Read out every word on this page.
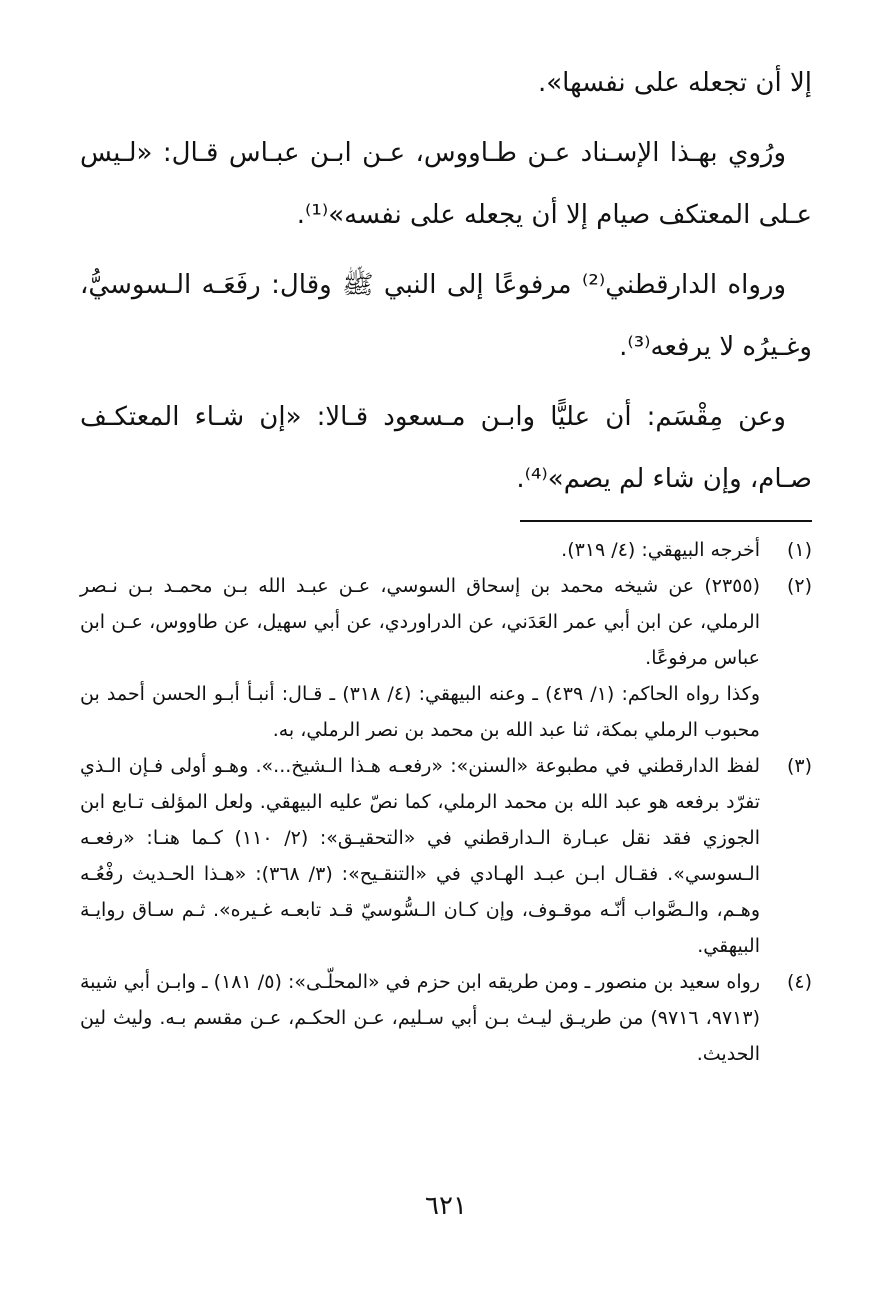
إلا أن تجعله على نفسها».

ورُوي بهـذا الإسـناد عـن طـاووس، عـن ابـن عبـاس قـال: «لـيس عـلى المعتكف صيام إلا أن يجعله على نفسه»⁽¹⁾.

ورواه الدارقطني⁽²⁾ مرفوعًا إلى النبي ﷺ وقال: رفَعَـه الـسوسيُّ، وغـيرُه لا يرفعه⁽³⁾.

وعن مِقْسَم: أن عليًّا وابـن مـسعود قـالا: «إن شـاء المعتكـف صـام، وإن شاء لم يصم»⁽⁴⁾.

(١)

أخرجه البيهقي: (٤/ ٣١٩).

(٢)

(٢٣٥٥) عن شيخه محمد بن إسحاق السوسي، عـن عبـد الله بـن محمـد بـن نـصر الرملي، عن ابن أبي عمر العَدَني، عن الدراوردي، عن أبي سهيل، عن طاووس، عـن ابن عباس مرفوعًا.

وكذا رواه الحاكم: (١/ ٤٣٩) ـ وعنه البيهقي: (٤/ ٣١٨) ـ قـال: أنبـأ أبـو الحسن أحمد بن محبوب الرملي بمكة، ثنا عبد الله بن محمد بن نصر الرملي، به.

(٣)

لفظ الدارقطني في مطبوعة «السنن»: «رفعـه هـذا الـشيخ...». وهـو أولى فـإن الـذي تفرّد برفعه هو عبد الله بن محمد الرملي، كما نصّ عليه البيهقي. ولعل المؤلف تـابع ابن الجوزي فقد نقل عبـارة الـدارقطني في «التحقيـق»: (٢/ ١١٠) كـما هنـا: «رفعـه الـسوسي». فقـال ابـن عبـد الهـادي في «التنقـيح»: (٣/ ٣٦٨): «هـذا الحـديث رفْعُـه وهـم، والـصَّواب أنّـه موقـوف، وإن كـان الـسُّوسيّ قـد تابعـه غـيره». ثـم سـاق روايـة البيهقي.

(٤)

رواه سعيد بن منصور ـ ومن طريقه ابن حزم في «المحلّـى»: (٥/ ١٨١) ـ وابـن أبي شيبة (٩٧١٣، ٩٧١٦) من طريـق ليـث بـن أبي سـليم، عـن الحكـم، عـن مقسم بـه. وليث لين الحديث.

٦٢١
